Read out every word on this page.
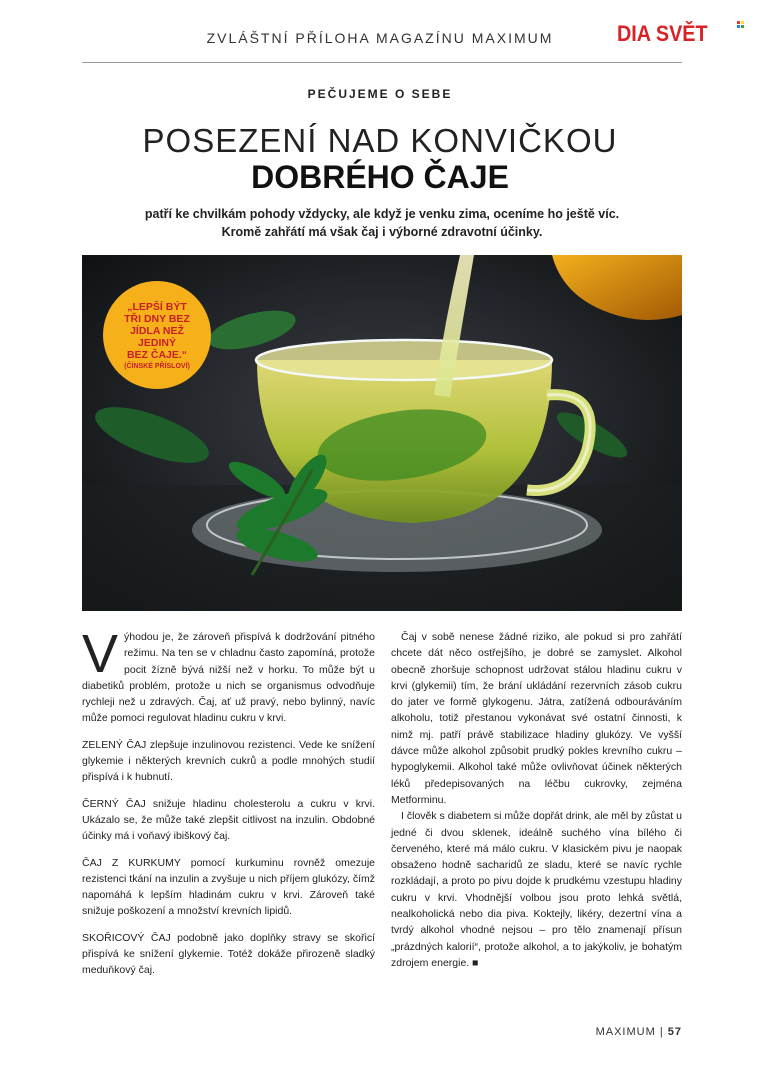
ZVLÁŠTNÍ PŘÍLOHA MAGAZÍNU MAXIMUM	DIA SVĚT
PEČUJEME O SEBE
POSEZENÍ NAD KONVIČKOU
DOBRÉHO ČAJE
patří ke chvilkám pohody vždycky, ale když je venku zima, oceníme ho ještě víc.
Kromě zahřátí má však čaj i výborné zdravotní účinky.
„LEPŠÍ BÝT
TŘI DNY BEZ
JÍDLA NEŽ
JEDINÝ
BEZ ČAJE.“
(ČÍNSKÉ PŘÍSLOVÍ)

Výhodou je, že zároveň přispívá k dodržování pitného režimu. Na ten se v chladnu často zapomíná, protože pocit žízně bývá nižší než v horku. To může být u diabetiků problém, protože u nich se organismus odvodňuje rychleji než u zdravých. Čaj, ať už pravý, nebo bylinný, navíc může pomoci regulovat hladinu cukru v krvi.

ZELENÝ ČAJ zlepšuje inzulinovou rezistenci. Vede ke snížení glykemie i některých krevních cukrů a podle mnohých studií přispívá i k hubnutí.

ČERNÝ ČAJ snižuje hladinu cholesterolu a cukru v krvi. Ukázalo se, že může také zlepšit citlivost na inzulin. Obdobné účinky má i voňavý ibiškový čaj.

ČAJ Z KURKUMY pomocí kurkuminu rovněž omezuje rezistenci tkání na inzulin a zvyšuje u nich příjem glukózy, čímž napomáhá k lepším hladinám cukru v krvi. Zároveň také snižuje poškození a množství krevních lipidů.

SKOŘICOVÝ ČAJ podobně jako doplňky stravy se skořicí přispívá ke snížení glykemie. Totéž dokáže přirozeně sladký meduňkový čaj.

Čaj v sobě nenese žádné riziko, ale pokud si pro zahřátí chcete dát něco ostřejšího, je dobré se zamyslet. Alkohol obecně zhoršuje schopnost udržovat stálou hladinu cukru v krvi (glykemii) tím, že brání ukládání rezervních zásob cukru do jater ve formě glykogenu. Játra, zatížená odbouráváním alkoholu, totiž přestanou vykonávat své ostatní činnosti, k nimž mj. patří právě stabilizace hladiny glukózy. Ve vyšší dávce může alkohol způsobit prudký pokles krevního cukru – hypoglykemii. Alkohol také může ovlivňovat účinek některých léků předepisovaných na léčbu cukrovky, zejména Metforminu.

I člověk s diabetem si může dopřát drink, ale měl by zůstat u jedné či dvou sklenek, ideálně suchého vína bílého či červeného, které má málo cukru. V klasickém pivu je naopak obsaženo hodně sacharidů ze sladu, které se navíc rychle rozkládají, a proto po pivu dojde k prudkému vzestupu hladiny cukru v krvi. Vhodnější volbou jsou proto lehká světlá, nealkoholická nebo dia piva. Koktejly, likéry, dezertní vína a tvrdý alkohol vhodné nejsou – pro tělo znamenají přísun „prázdných kalorií“, protože alkohol, a to jakýkoliv, je bohatým zdrojem energie. ■

MAXIMUM | 57
